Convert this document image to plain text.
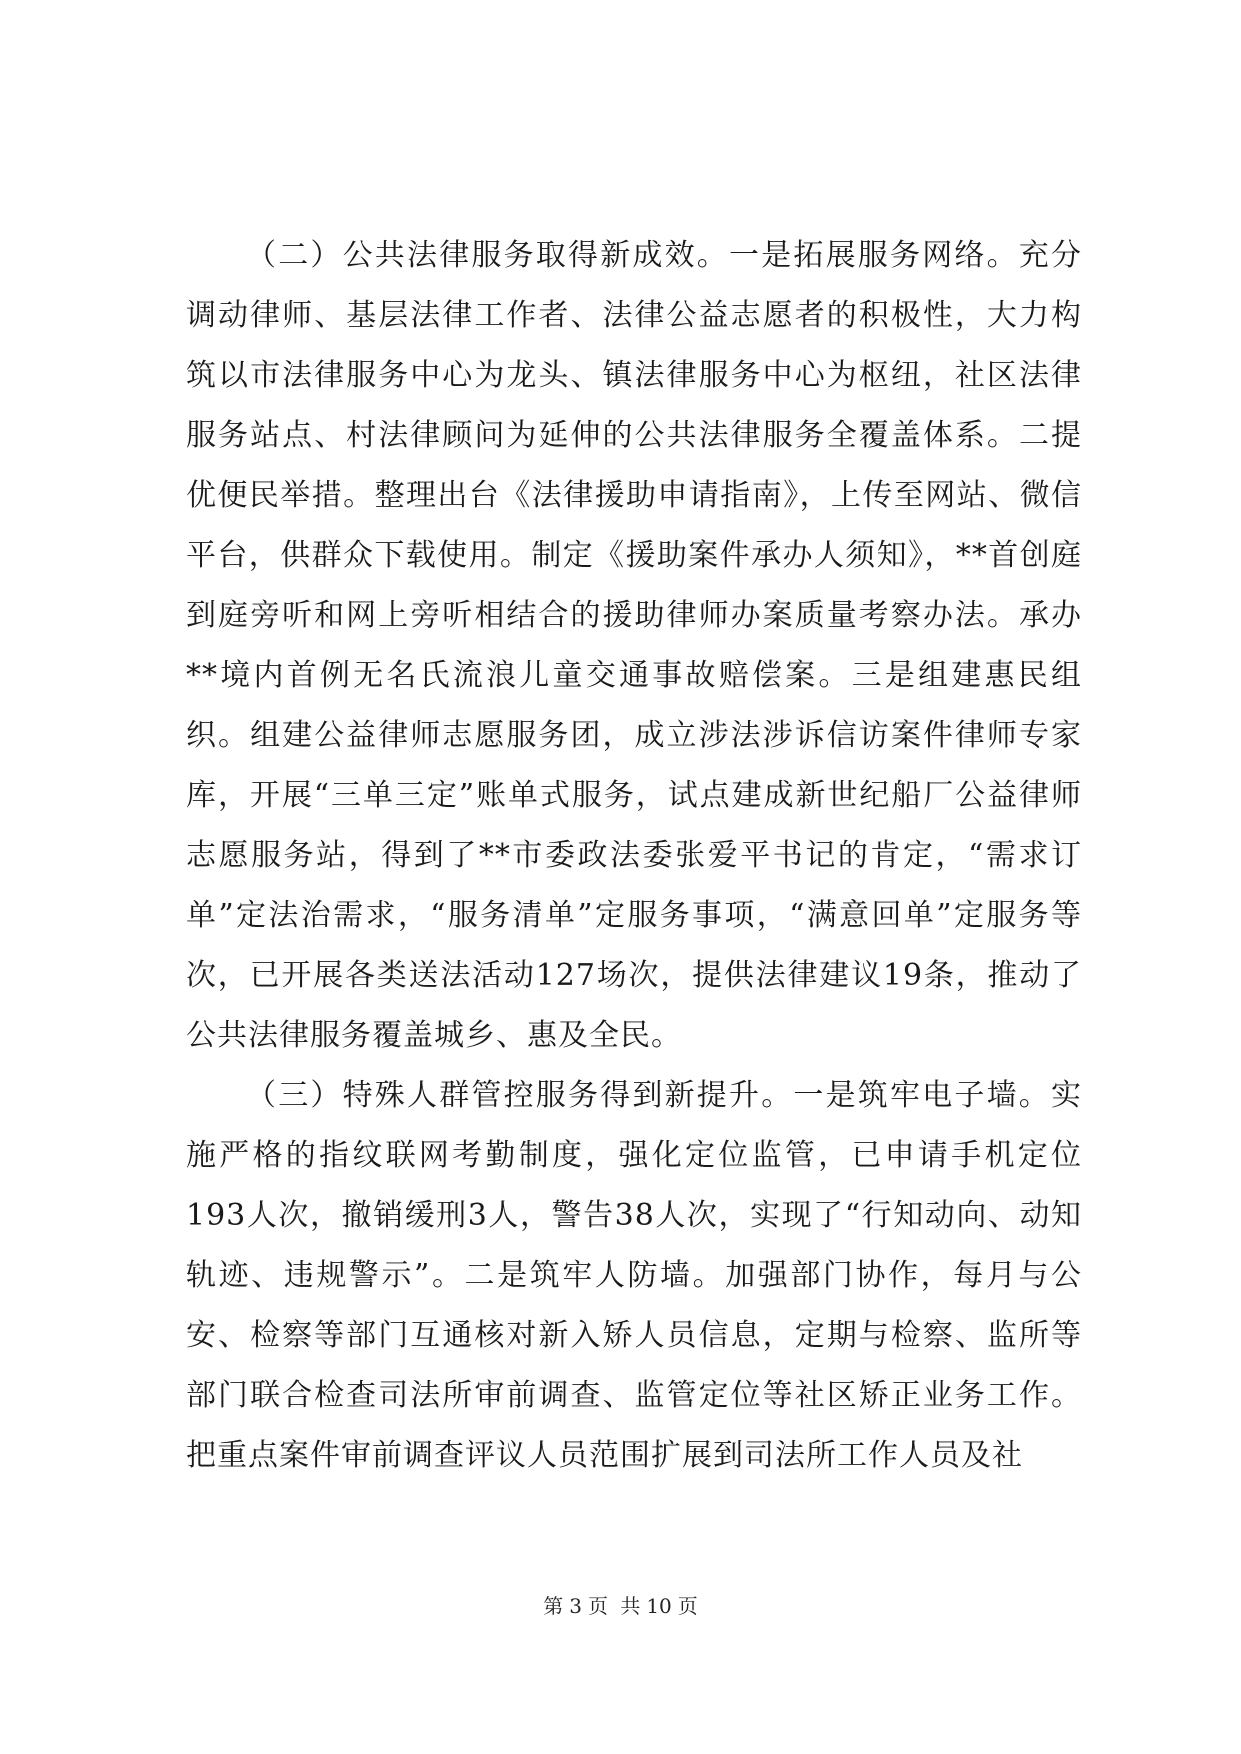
（二）公共法律服务取得新成效。一是拓展服务网络。充分调动律师、基层法律工作者、法律公益志愿者的积极性，大力构筑以市法律服务中心为龙头、镇法律服务中心为枢纽，社区法律服务站点、村法律顾问为延伸的公共法律服务全覆盖体系。二提优便民举措。整理出台《法律援助申请指南》，上传至网站、微信平台，供群众下载使用。制定《援助案件承办人须知》，**首创庭到庭旁听和网上旁听相结合的援助律师办案质量考察办法。承办**境内首例无名氏流浪儿童交通事故赔偿案。三是组建惠民组织。组建公益律师志愿服务团，成立涉法涉诉信访案件律师专家库，开展“三单三定”账单式服务，试点建成新世纪船厂公益律师志愿服务站，得到了**市委政法委张爱平书记的肯定，“需求订单”定法治需求，“服务清单”定服务事项，“满意回单”定服务等次，已开展各类送法活动127场次，提供法律建议19条，推动了公共法律服务覆盖城乡、惠及全民。

（三）特殊人群管控服务得到新提升。一是筑牢电子墙。实施严格的指纹联网考勤制度，强化定位监管，已申请手机定位193人次，撤销缓刑3人，警告38人次，实现了“行知动向、动知轨迹、违规警示”。二是筑牢人防墙。加强部门协作，每月与公安、检察等部门互通核对新入矫人员信息，定期与检察、监所等部门联合检查司法所审前调查、监管定位等社区矫正业务工作。把重点案件审前调查评议人员范围扩展到司法所工作人员及社

第 3 页 共 10 页
